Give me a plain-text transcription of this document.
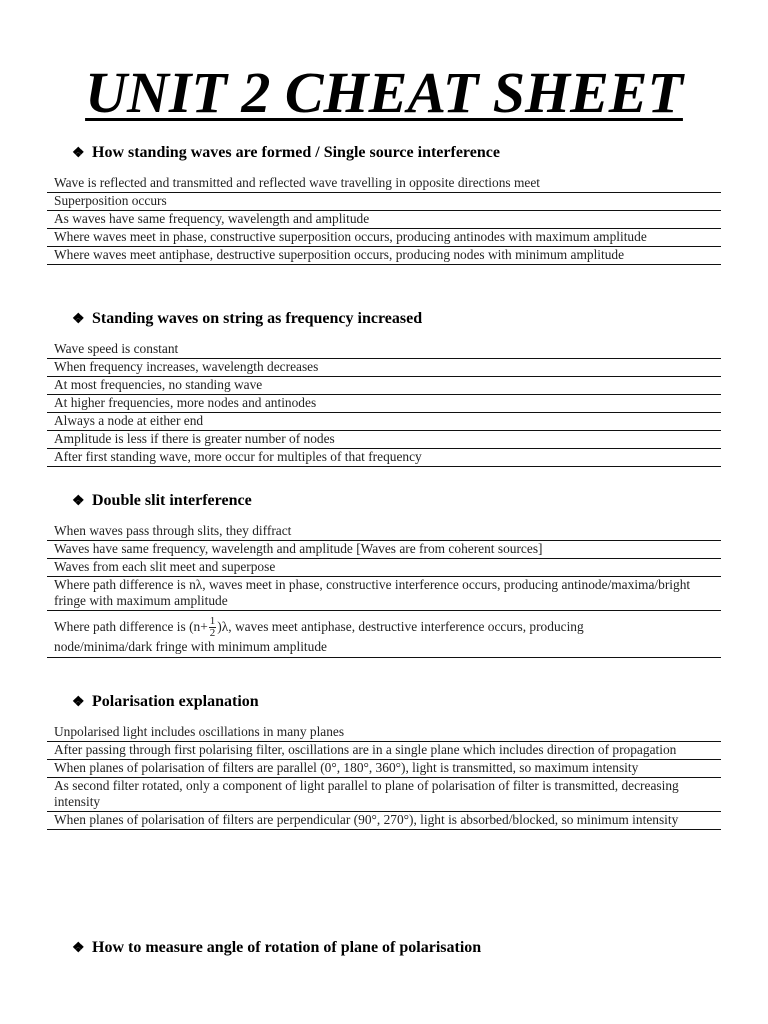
UNIT 2 CHEAT SHEET
❖ How standing waves are formed / Single source interference
Wave is reflected and transmitted and reflected wave travelling in opposite directions meet
Superposition occurs
As waves have same frequency, wavelength and amplitude
Where waves meet in phase, constructive superposition occurs, producing antinodes with maximum amplitude
Where waves meet antiphase, destructive superposition occurs, producing nodes with minimum amplitude
❖ Standing waves on string as frequency increased
Wave speed is constant
When frequency increases, wavelength decreases
At most frequencies, no standing wave
At higher frequencies, more nodes and antinodes
Always a node at either end
Amplitude is less if there is greater number of nodes
After first standing wave, more occur for multiples of that frequency
❖ Double slit interference
When waves pass through slits, they diffract
Waves have same frequency, wavelength and amplitude [Waves are from coherent sources]
Waves from each slit meet and superpose
Where path difference is nλ, waves meet in phase, constructive interference occurs, producing antinode/maxima/bright fringe with maximum amplitude
Where path difference is $(n+ \frac{1}{2} )\lambda$, waves meet antiphase, destructive interference occurs, producing
node/minima/dark fringe with minimum amplitude
❖ Polarisation explanation
Unpolarised light includes oscillations in many planes
After passing through first polarising filter, oscillations are in a single plane which includes direction of propagation
When planes of polarisation of filters are parallel (0°, 180°, 360°), light is transmitted, so maximum intensity
As second filter rotated, only a component of light parallel to plane of polarisation of filter is transmitted, decreasing intensity
When planes of polarisation of filters are perpendicular (90°, 270°), light is absorbed/blocked, so minimum intensity
❖ How to measure angle of rotation of plane of polarisation
